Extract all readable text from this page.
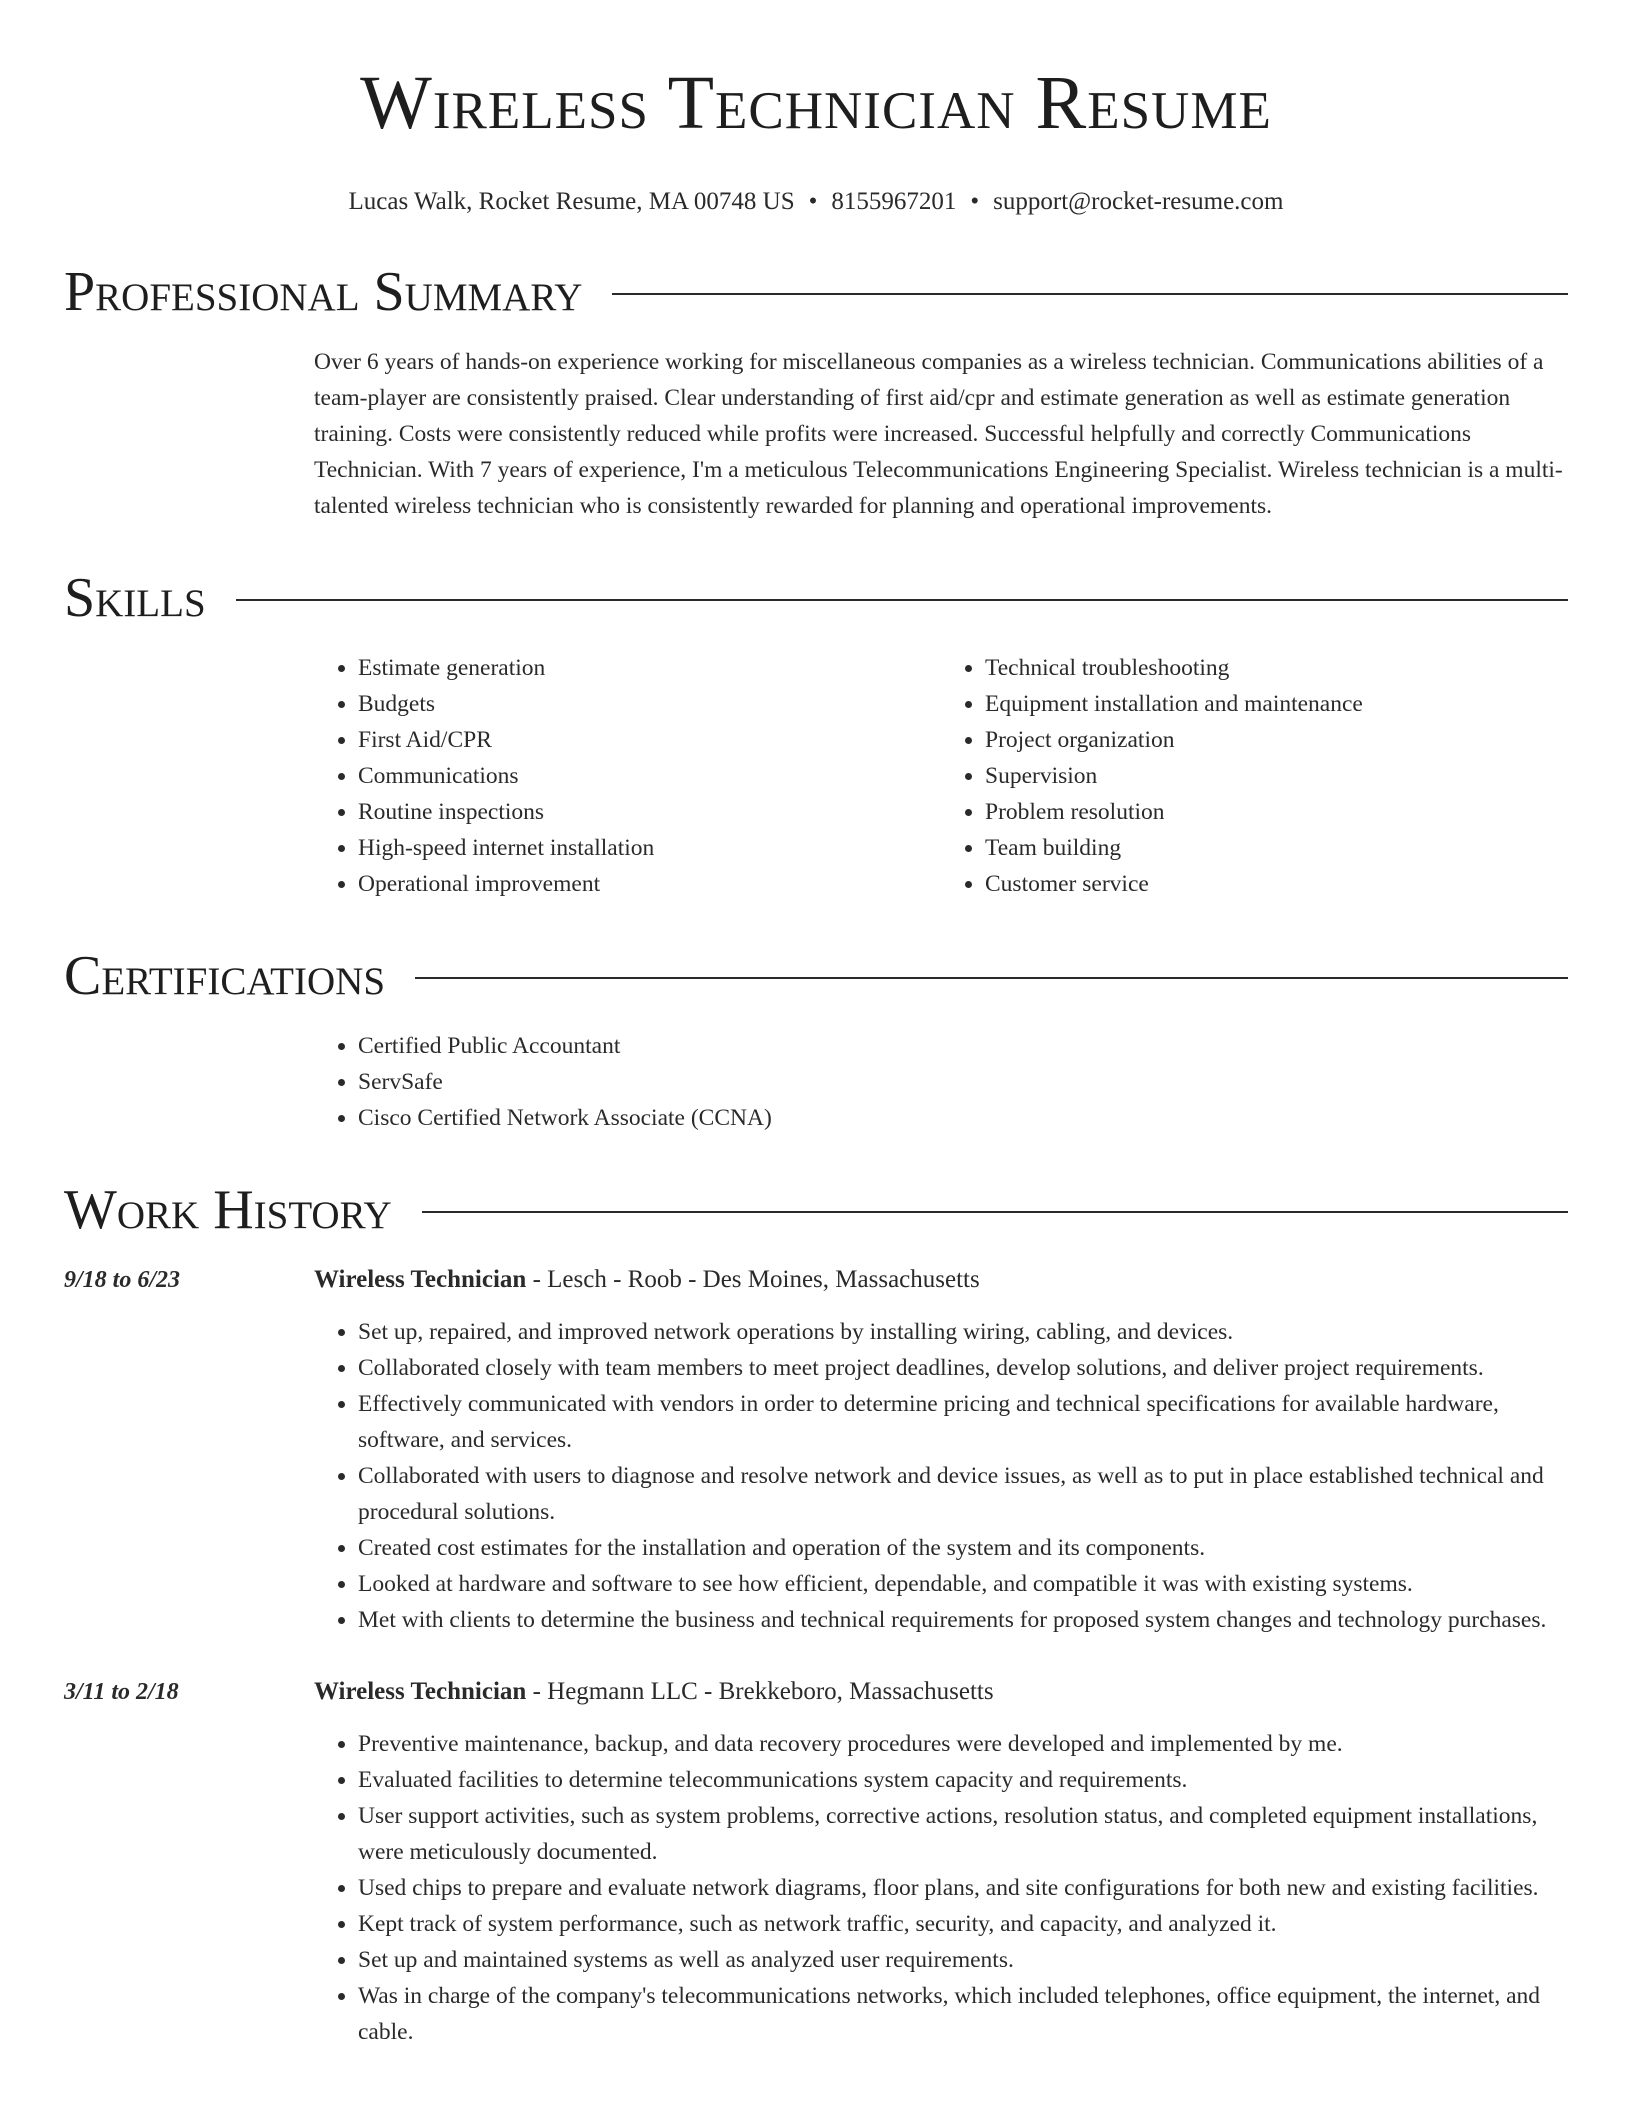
Wireless Technician Resume
Lucas Walk, Rocket Resume, MA 00748 US • 8155967201 • support@rocket-resume.com
Professional Summary
Over 6 years of hands-on experience working for miscellaneous companies as a wireless technician. Communications abilities of a team-player are consistently praised. Clear understanding of first aid/cpr and estimate generation as well as estimate generation training. Costs were consistently reduced while profits were increased. Successful helpfully and correctly Communications Technician. With 7 years of experience, I'm a meticulous Telecommunications Engineering Specialist. Wireless technician is a multi-talented wireless technician who is consistently rewarded for planning and operational improvements.
Skills
• Estimate generation
• Budgets
• First Aid/CPR
• Communications
• Routine inspections
• High-speed internet installation
• Operational improvement
• Technical troubleshooting
• Equipment installation and maintenance
• Project organization
• Supervision
• Problem resolution
• Team building
• Customer service
Certifications
• Certified Public Accountant
• ServSafe
• Cisco Certified Network Associate (CCNA)
Work History
9/18 to 6/23	Wireless Technician - Lesch - Roob - Des Moines, Massachusetts
• Set up, repaired, and improved network operations by installing wiring, cabling, and devices.
• Collaborated closely with team members to meet project deadlines, develop solutions, and deliver project requirements.
• Effectively communicated with vendors in order to determine pricing and technical specifications for available hardware, software, and services.
• Collaborated with users to diagnose and resolve network and device issues, as well as to put in place established technical and procedural solutions.
• Created cost estimates for the installation and operation of the system and its components.
• Looked at hardware and software to see how efficient, dependable, and compatible it was with existing systems.
• Met with clients to determine the business and technical requirements for proposed system changes and technology purchases.
3/11 to 2/18	Wireless Technician - Hegmann LLC - Brekkeboro, Massachusetts
• Preventive maintenance, backup, and data recovery procedures were developed and implemented by me.
• Evaluated facilities to determine telecommunications system capacity and requirements.
• User support activities, such as system problems, corrective actions, resolution status, and completed equipment installations, were meticulously documented.
• Used chips to prepare and evaluate network diagrams, floor plans, and site configurations for both new and existing facilities.
• Kept track of system performance, such as network traffic, security, and capacity, and analyzed it.
• Set up and maintained systems as well as analyzed user requirements.
• Was in charge of the company's telecommunications networks, which included telephones, office equipment, the internet, and cable.
